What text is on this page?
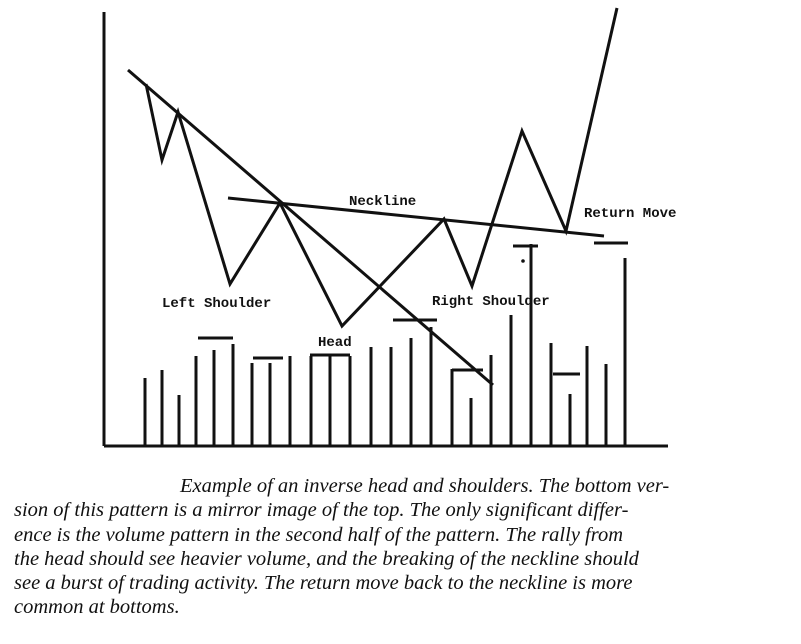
Neckline
Return Move
Left Shoulder	Right Shoulder
Head

Example of an inverse head and shoulders. The bottom ver-
sion of this pattern is a mirror image of the top. The only significant differ-
ence is the volume pattern in the second half of the pattern. The rally from
the head should see heavier volume, and the breaking of the neckline should
see a burst of trading activity. The return move back to the neckline is more
common at bottoms.
